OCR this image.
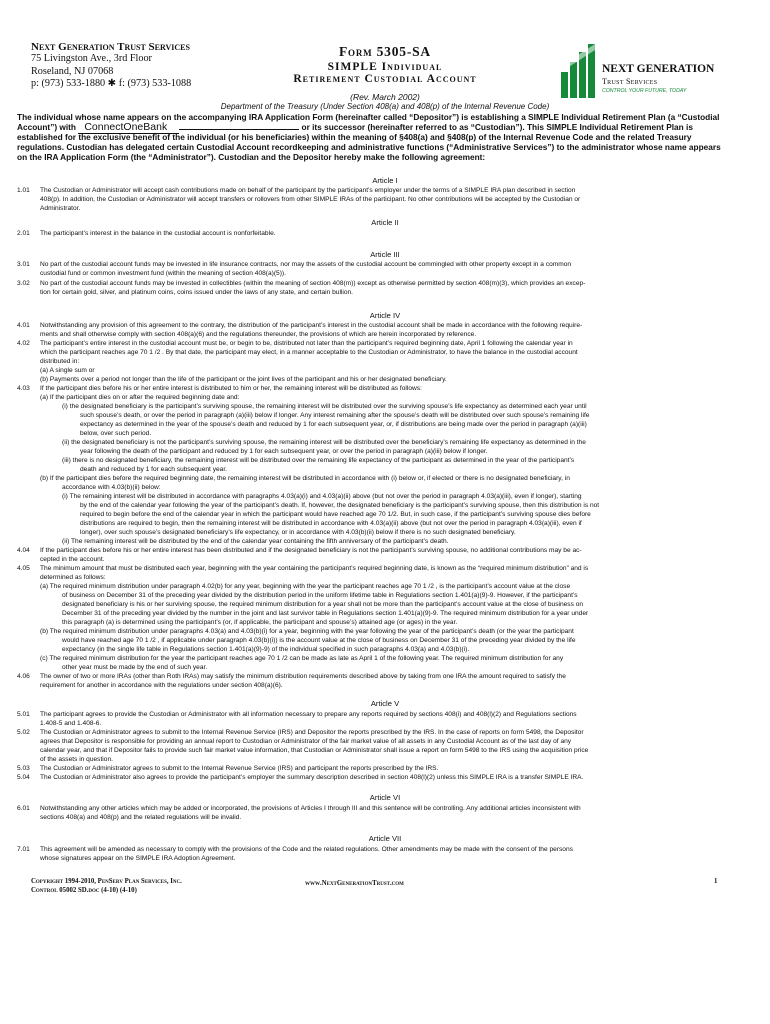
Next Generation Trust Services
75 Livingston Ave., 3rd Floor
Roseland, NJ 07068
p: (973) 533-1880 ✱ f: (973) 533-1088
Form 5305-SA
SIMPLE Individual
Retirement Custodial Account
(Rev. March 2002)
NEXT GENERATION
Trust Services
CONTROL YOUR FUTURE, TODAY
Department of the Treasury (Under Section 408(a) and 408(p) of the Internal Revenue Code)
The individual whose name appears on the accompanying IRA Application Form (hereinafter called “Depositor”) is establishing a SIMPLE Individual Retirement Plan (a “Custodial Account”) with ConnectOneBank	or its successor (hereinafter referred to as “Custodian”). This SIMPLE Individual Retirement Plan is established for the exclusive benefit of the individual (or his beneficiaries) within the meaning of §408(a) and §408(p) of the Internal Revenue Code and the related Treasury regulations. Custodian has delegated certain Custodial Account recordkeeping and administrative functions (“Administrative Services”) to the administrator whose name appears on the IRA Application Form (the “Administrator”). Custodian and the Depositor hereby make the following agreement:
Article I
1.01 The Custodian or Administrator will accept cash contributions made on behalf of the participant by the participant’s employer under the terms of a SIMPLE IRA plan described in section
408(p). In addition, the Custodian or Administrator will accept transfers or rollovers from other SIMPLE IRAs of the participant. No other contributions will be accepted by the Custodian or
Administrator.
Article II
2.01 The participant’s interest in the balance in the custodial account is nonforfeitable.
Article III
3.01 No part of the custodial account funds may be invested in life insurance contracts, nor may the assets of the custodial account be commingled with other property except in a common
custodial fund or common investment fund (within the meaning of section 408(a)(5)).
3.02 No part of the custodial account funds may be invested in collectibles (within the meaning of section 408(m)) except as otherwise permitted by section 408(m)(3), which provides an excep-
tion for certain gold, silver, and platinum coins, coins issued under the laws of any state, and certain bullion.
Article IV
4.01 Notwithstanding any provision of this agreement to the contrary, the distribution of the participant’s interest in the custodial account shall be made in accordance with the following require-
ments and shall otherwise comply with section 408(a)(6) and the regulations thereunder, the provisions of which are herein incorporated by reference.
4.02 The participant’s entire interest in the custodial account must be, or begin to be, distributed not later than the participant’s required beginning date, April 1 following the calendar year in
which the participant reaches age 70 1 /2 . By that date, the participant may elect, in a manner acceptable to the Custodian or Administrator, to have the balance in the custodial account
distributed in:
(a) A single sum or
(b) Payments over a period not longer than the life of the participant or the joint lives of the participant and his or her designated beneficiary.
4.03 If the participant dies before his or her entire interest is distributed to him or her, the remaining interest will be distributed as follows:
(a) If the participant dies on or after the required beginning date and:
(i) the designated beneficiary is the participant’s surviving spouse, the remaining interest will be distributed over the surviving spouse’s life expectancy as determined each year until
such spouse’s death, or over the period in paragraph (a)(iii) below if longer. Any interest remaining after the spouse’s death will be distributed over such spouse’s remaining life
expectancy as determined in the year of the spouse’s death and reduced by 1 for each subsequent year, or, if distributions are being made over the period in paragraph (a)(iii)
below, over such period.
(ii) the designated beneficiary is not the participant’s surviving spouse, the remaining interest will be distributed over the beneficiary’s remaining life expectancy as determined in the
year following the death of the participant and reduced by 1 for each subsequent year, or over the period in paragraph (a)(iii) below if longer.
(iii) there is no designated beneficiary, the remaining interest will be distributed over the remaining life expectancy of the participant as determined in the year of the participant’s
death and reduced by 1 for each subsequent year.
(b) If the participant dies before the required beginning date, the remaining interest will be distributed in accordance with (i) below or, if elected or there is no designated beneficiary, in
accordance with 4.03(b)(ii) below:
(i) The remaining interest will be distributed in accordance with paragraphs 4.03(a)(i) and 4.03(a)(ii) above (but not over the period in paragraph 4.03(a)(iii), even if longer), starting
by the end of the calendar year following the year of the participant’s death. If, however, the designated beneficiary is the participant’s surviving spouse, then this distribution is not
required to begin before the end of the calendar year in which the participant would have reached age 70 1/2. But, in such case, if the participant’s surviving spouse dies before
distributions are required to begin, then the remaining interest will be distributed in accordance with 4.03(a)(ii) above (but not over the period in paragraph 4.03(a)(iii), even if
longer), over such spouse’s designated beneficiary’s life expectancy, or in accordance with 4.03(b)(ii) below if there is no such designated beneficiary.
(ii) The remaining interest will be distributed by the end of the calendar year containing the fifth anniversary of the participant’s death.
4.04 If the participant dies before his or her entire interest has been distributed and if the designated beneficiary is not the participant’s surviving spouse, no additional contributions may be ac-
cepted in the account.
4.05 The minimum amount that must be distributed each year, beginning with the year containing the participant’s required beginning date, is known as the “required minimum distribution” and is
determined as follows:
(a) The required minimum distribution under paragraph 4.02(b) for any year, beginning with the year the participant reaches age 70 1 /2 , is the participant’s account value at the close
of business on December 31 of the preceding year divided by the distribution period in the uniform lifetime table in Regulations section 1.401(a)(9)-9. However, if the participant’s
designated beneficiary is his or her surviving spouse, the required minimum distribution for a year shall not be more than the participant’s account value at the close of business on
December 31 of the preceding year divided by the number in the joint and last survivor table in Regulations section 1.401(a)(9)-9. The required minimum distribution for a year under
this paragraph (a) is determined using the participant’s (or, if applicable, the participant and spouse’s) attained age (or ages) in the year.
(b) The required minimum distribution under paragraphs 4.03(a) and 4.03(b)(i) for a year, beginning with the year following the year of the participant’s death (or the year the participant
would have reached age 70 1 /2 , if applicable under paragraph 4.03(b)(i)) is the account value at the close of business on December 31 of the preceding year divided by the life
expectancy (in the single life table in Regulations section 1.401(a)(9)-9) of the individual specified in such paragraphs 4.03(a) and 4.03(b)(i).
(c) The required minimum distribution for the year the participant reaches age 70 1 /2 can be made as late as April 1 of the following year. The required minimum distribution for any
other year must be made by the end of such year.
4.06 The owner of two or more IRAs (other than Roth IRAs) may satisfy the minimum distribution requirements described above by taking from one IRA the amount required to satisfy the
requirement for another in accordance with the regulations under section 408(a)(6).
Article V
5.01 The participant agrees to provide the Custodian or Administrator with all information necessary to prepare any reports required by sections 408(i) and 408(l)(2) and Regulations sections
1.408-5 and 1.408-6.
5.02 The Custodian or Administrator agrees to submit to the Internal Revenue Service (IRS) and Depositor the reports prescribed by the IRS. In the case of reports on form 5498, the Depositor
agrees that Depositor is responsible for providing an annual report to Custodian or Administrator of the fair market value of all assets in any Custodial Account as of the last day of any
calendar year, and that if Depositor fails to provide such fair market value information, that Custodian or Administrator shall issue a report on form 5498 to the IRS using the acquisition price
of the assets in question.
5.03 The Custodian or Administrator agrees to submit to the Internal Revenue Service (IRS) and participant the reports prescribed by the IRS.
5.04 The Custodian or Administrator also agrees to provide the participant’s employer the summary description described in section 408(l)(2) unless this SIMPLE IRA is a transfer SIMPLE IRA.
Article VI
6.01 Notwithstanding any other articles which may be added or incorporated, the provisions of Articles I through III and this sentence will be controlling. Any additional articles inconsistent with
sections 408(a) and 408(p) and the related regulations will be invalid.
Article VII
7.01 This agreement will be amended as necessary to comply with the provisions of the Code and the related regulations. Other amendments may be made with the consent of the persons
whose signatures appear on the SIMPLE IRA Adoption Agreement.
Copyright 1994-2010, PenServ Plan Services, Inc.
Control 05002 SD.doc (4-10) (4-10)
www.NextGenerationTrust.com	1
